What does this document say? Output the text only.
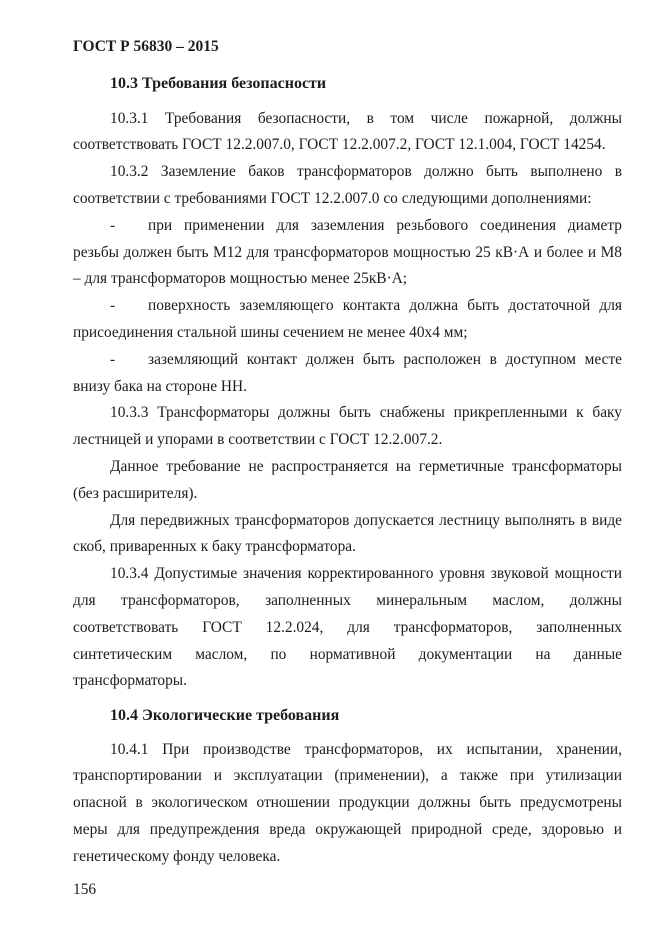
ГОСТ Р 56830 – 2015
10.3 Требования безопасности
10.3.1 Требования безопасности, в том числе пожарной, должны
соответствовать ГОСТ 12.2.007.0, ГОСТ 12.2.007.2, ГОСТ 12.1.004, ГОСТ 14254.
10.3.2 Заземление баков трансформаторов должно быть выполнено в
соответствии с требованиями ГОСТ 12.2.007.0 со следующими дополнениями:
-	при применении для заземления резьбового соединения диаметр
резьбы должен быть М12 для трансформаторов мощностью 25 кВ·А и более и М8
– для трансформаторов мощностью менее 25кВ·А;
-	поверхность заземляющего контакта должна быть достаточной для
присоединения стальной шины сечением не менее 40х4 мм;
-	заземляющий контакт должен быть расположен в доступном месте
внизу бака на стороне НН.
10.3.3 Трансформаторы должны быть снабжены прикрепленными к баку
лестницей и упорами в соответствии с ГОСТ 12.2.007.2.
Данное требование не распространяется на герметичные трансформаторы
(без расширителя).
Для передвижных трансформаторов допускается лестницу выполнять в виде
скоб, приваренных к баку трансформатора.
10.3.4 Допустимые значения корректированного уровня звуковой мощности
для трансформаторов, заполненных минеральным маслом, должны
соответствовать ГОСТ 12.2.024, для трансформаторов, заполненных
синтетическим маслом, по нормативной документации на данные
трансформаторы.
10.4 Экологические требования
10.4.1 При производстве трансформаторов, их испытании, хранении,
транспортировании и эксплуатации (применении), а также при утилизации
опасной в экологическом отношении продукции должны быть предусмотрены
меры для предупреждения вреда окружающей природной среде, здоровью и
генетическому фонду человека.
156
